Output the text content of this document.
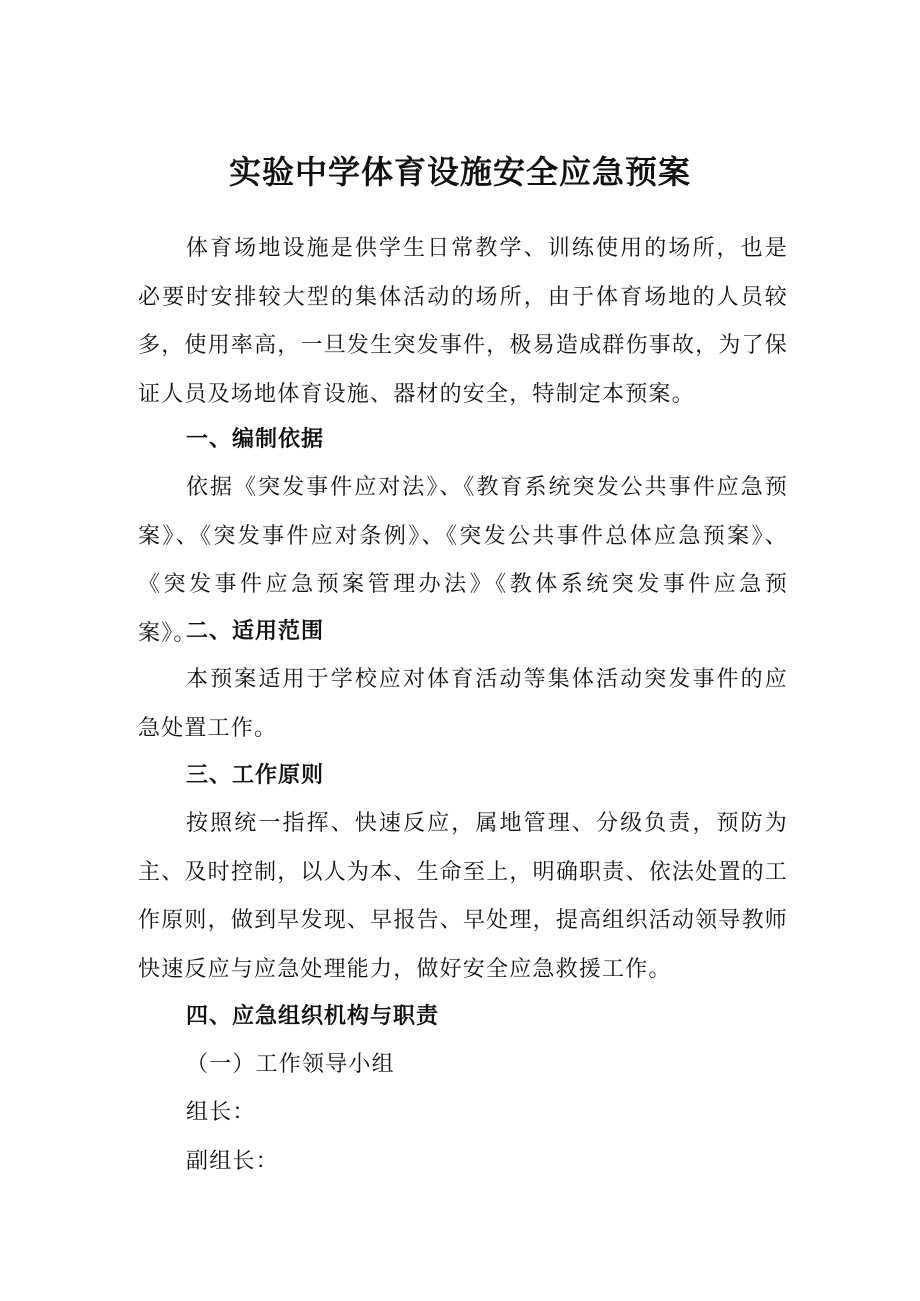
实验中学体育设施安全应急预案

体育场地设施是供学生日常教学、训练使用的场所，也是必要时安排较大型的集体活动的场所，由于体育场地的人员较多，使用率高，一旦发生突发事件，极易造成群伤事故，为了保证人员及场地体育设施、器材的安全，特制定本预案。

一、编制依据

依据《突发事件应对法》、《教育系统突发公共事件应急预案》、《突发事件应对条例》、《突发公共事件总体应急预案》、《突发事件应急预案管理办法》《教体系统突发事件应急预案》。

二、适用范围

本预案适用于学校应对体育活动等集体活动突发事件的应急处置工作。

三、工作原则

按照统一指挥、快速反应，属地管理、分级负责，预防为主、及时控制，以人为本、生命至上，明确职责、依法处置的工作原则，做到早发现、早报告、早处理，提高组织活动领导教师快速反应与应急处理能力，做好安全应急救援工作。

四、应急组织机构与职责

（一）工作领导小组

组长：

副组长：
